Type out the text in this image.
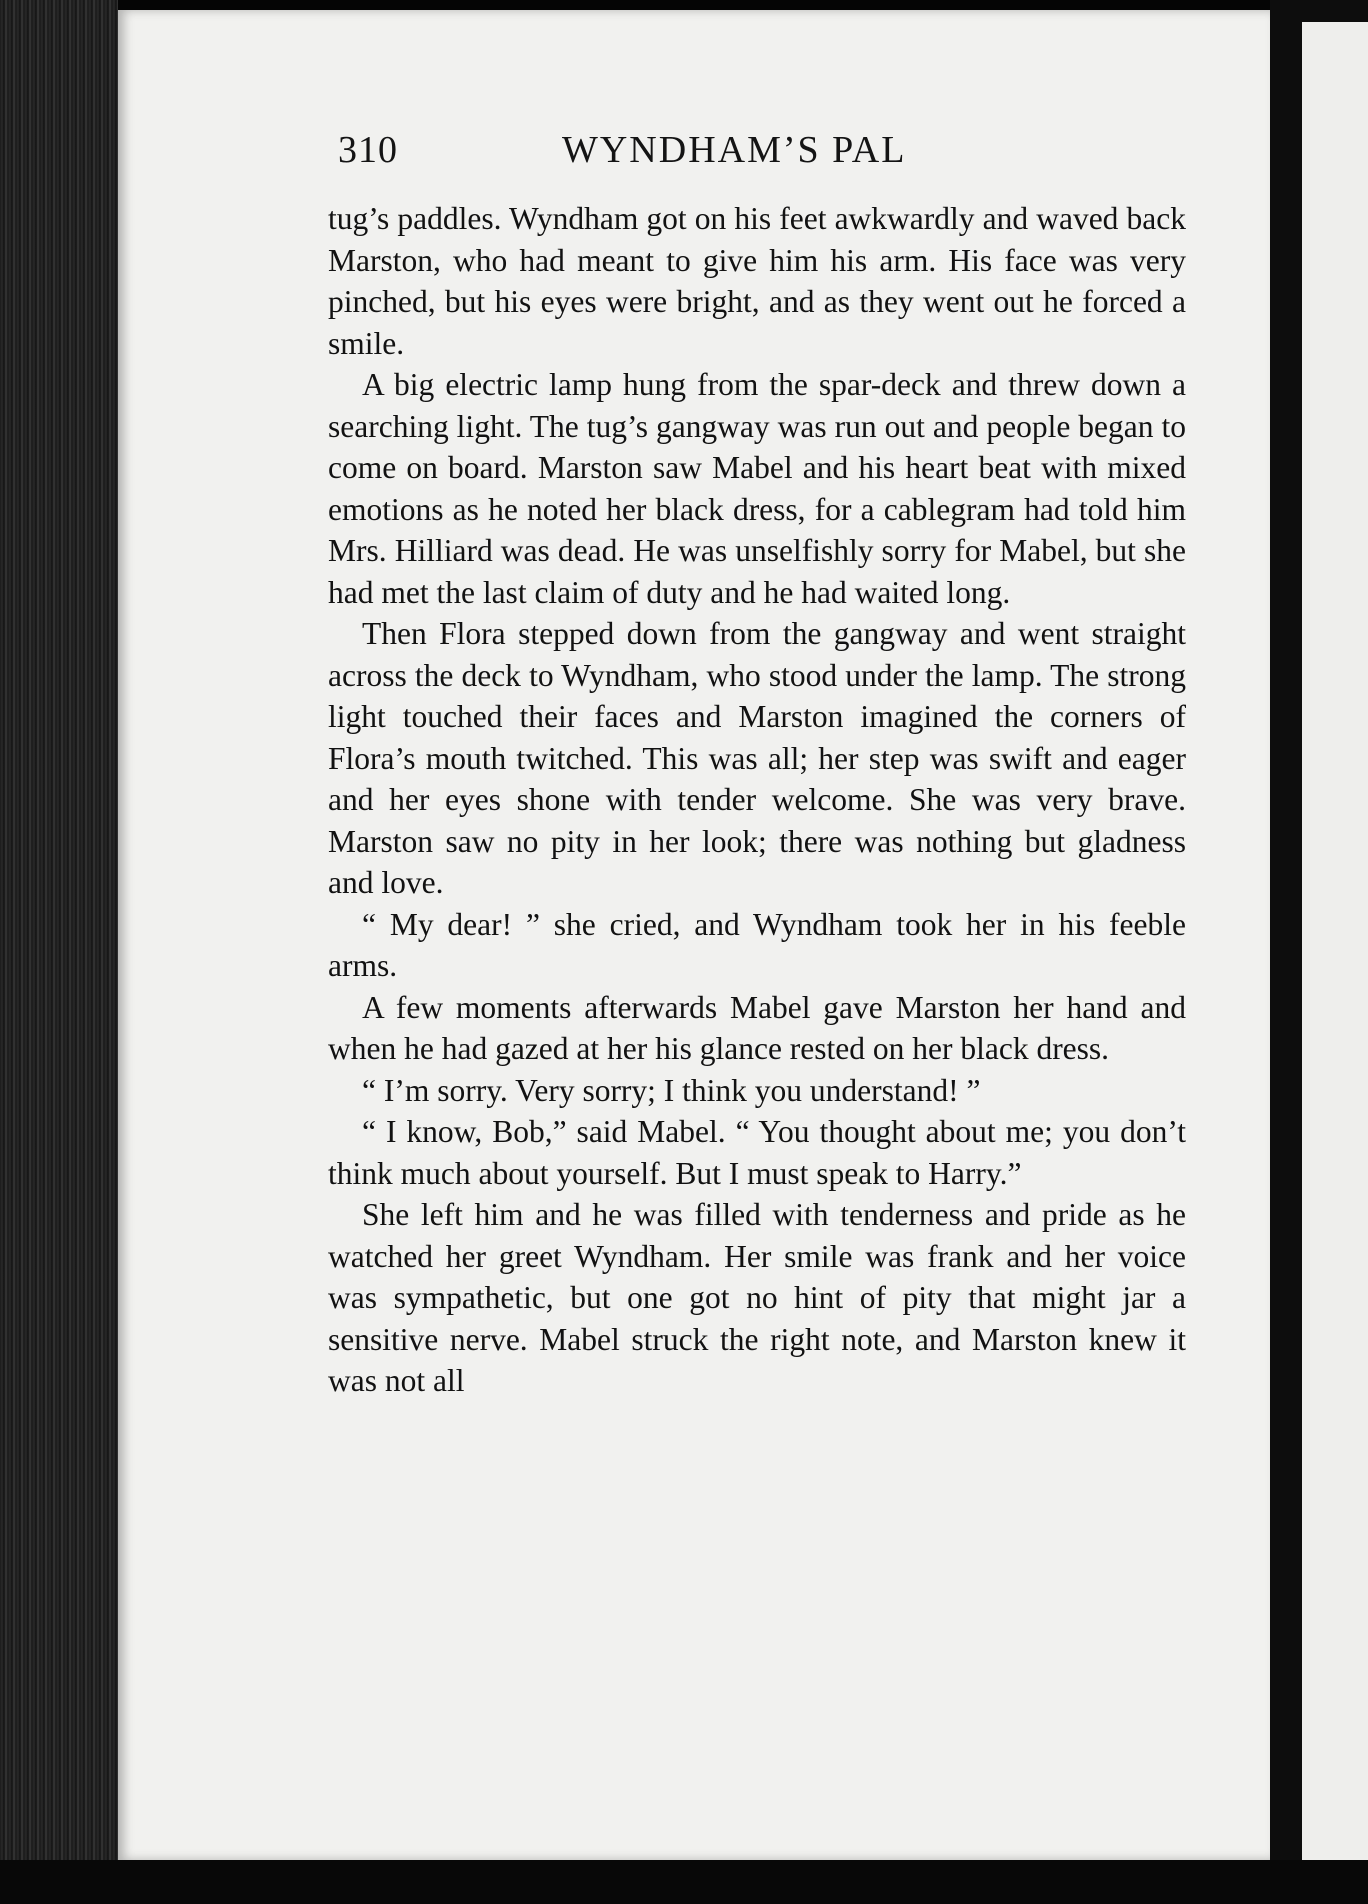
310	WYNDHAM’S PAL

tug’s paddles. Wyndham got on his feet awkwardly and waved back Marston, who had meant to give him his arm. His face was very pinched, but his eyes were bright, and as they went out he forced a smile.

A big electric lamp hung from the spar-deck and threw down a searching light. The tug’s gangway was run out and people began to come on board. Marston saw Mabel and his heart beat with mixed emotions as he noted her black dress, for a cablegram had told him Mrs. Hilliard was dead. He was unselfishly sorry for Mabel, but she had met the last claim of duty and he had waited long.

Then Flora stepped down from the gangway and went straight across the deck to Wyndham, who stood under the lamp. The strong light touched their faces and Marston imagined the corners of Flora’s mouth twitched. This was all; her step was swift and eager and her eyes shone with tender welcome. She was very brave. Marston saw no pity in her look; there was nothing but gladness and love.

“ My dear! ” she cried, and Wyndham took her in his feeble arms.

A few moments afterwards Mabel gave Marston her hand and when he had gazed at her his glance rested on her black dress.

“ I’m sorry. Very sorry; I think you understand! ”

“ I know, Bob,” said Mabel. “ You thought about me; you don’t think much about yourself. But I must speak to Harry.”

She left him and he was filled with tenderness and pride as he watched her greet Wyndham. Her smile was frank and her voice was sympathetic, but one got no hint of pity that might jar a sensitive nerve. Mabel struck the right note, and Marston knew it was not all
